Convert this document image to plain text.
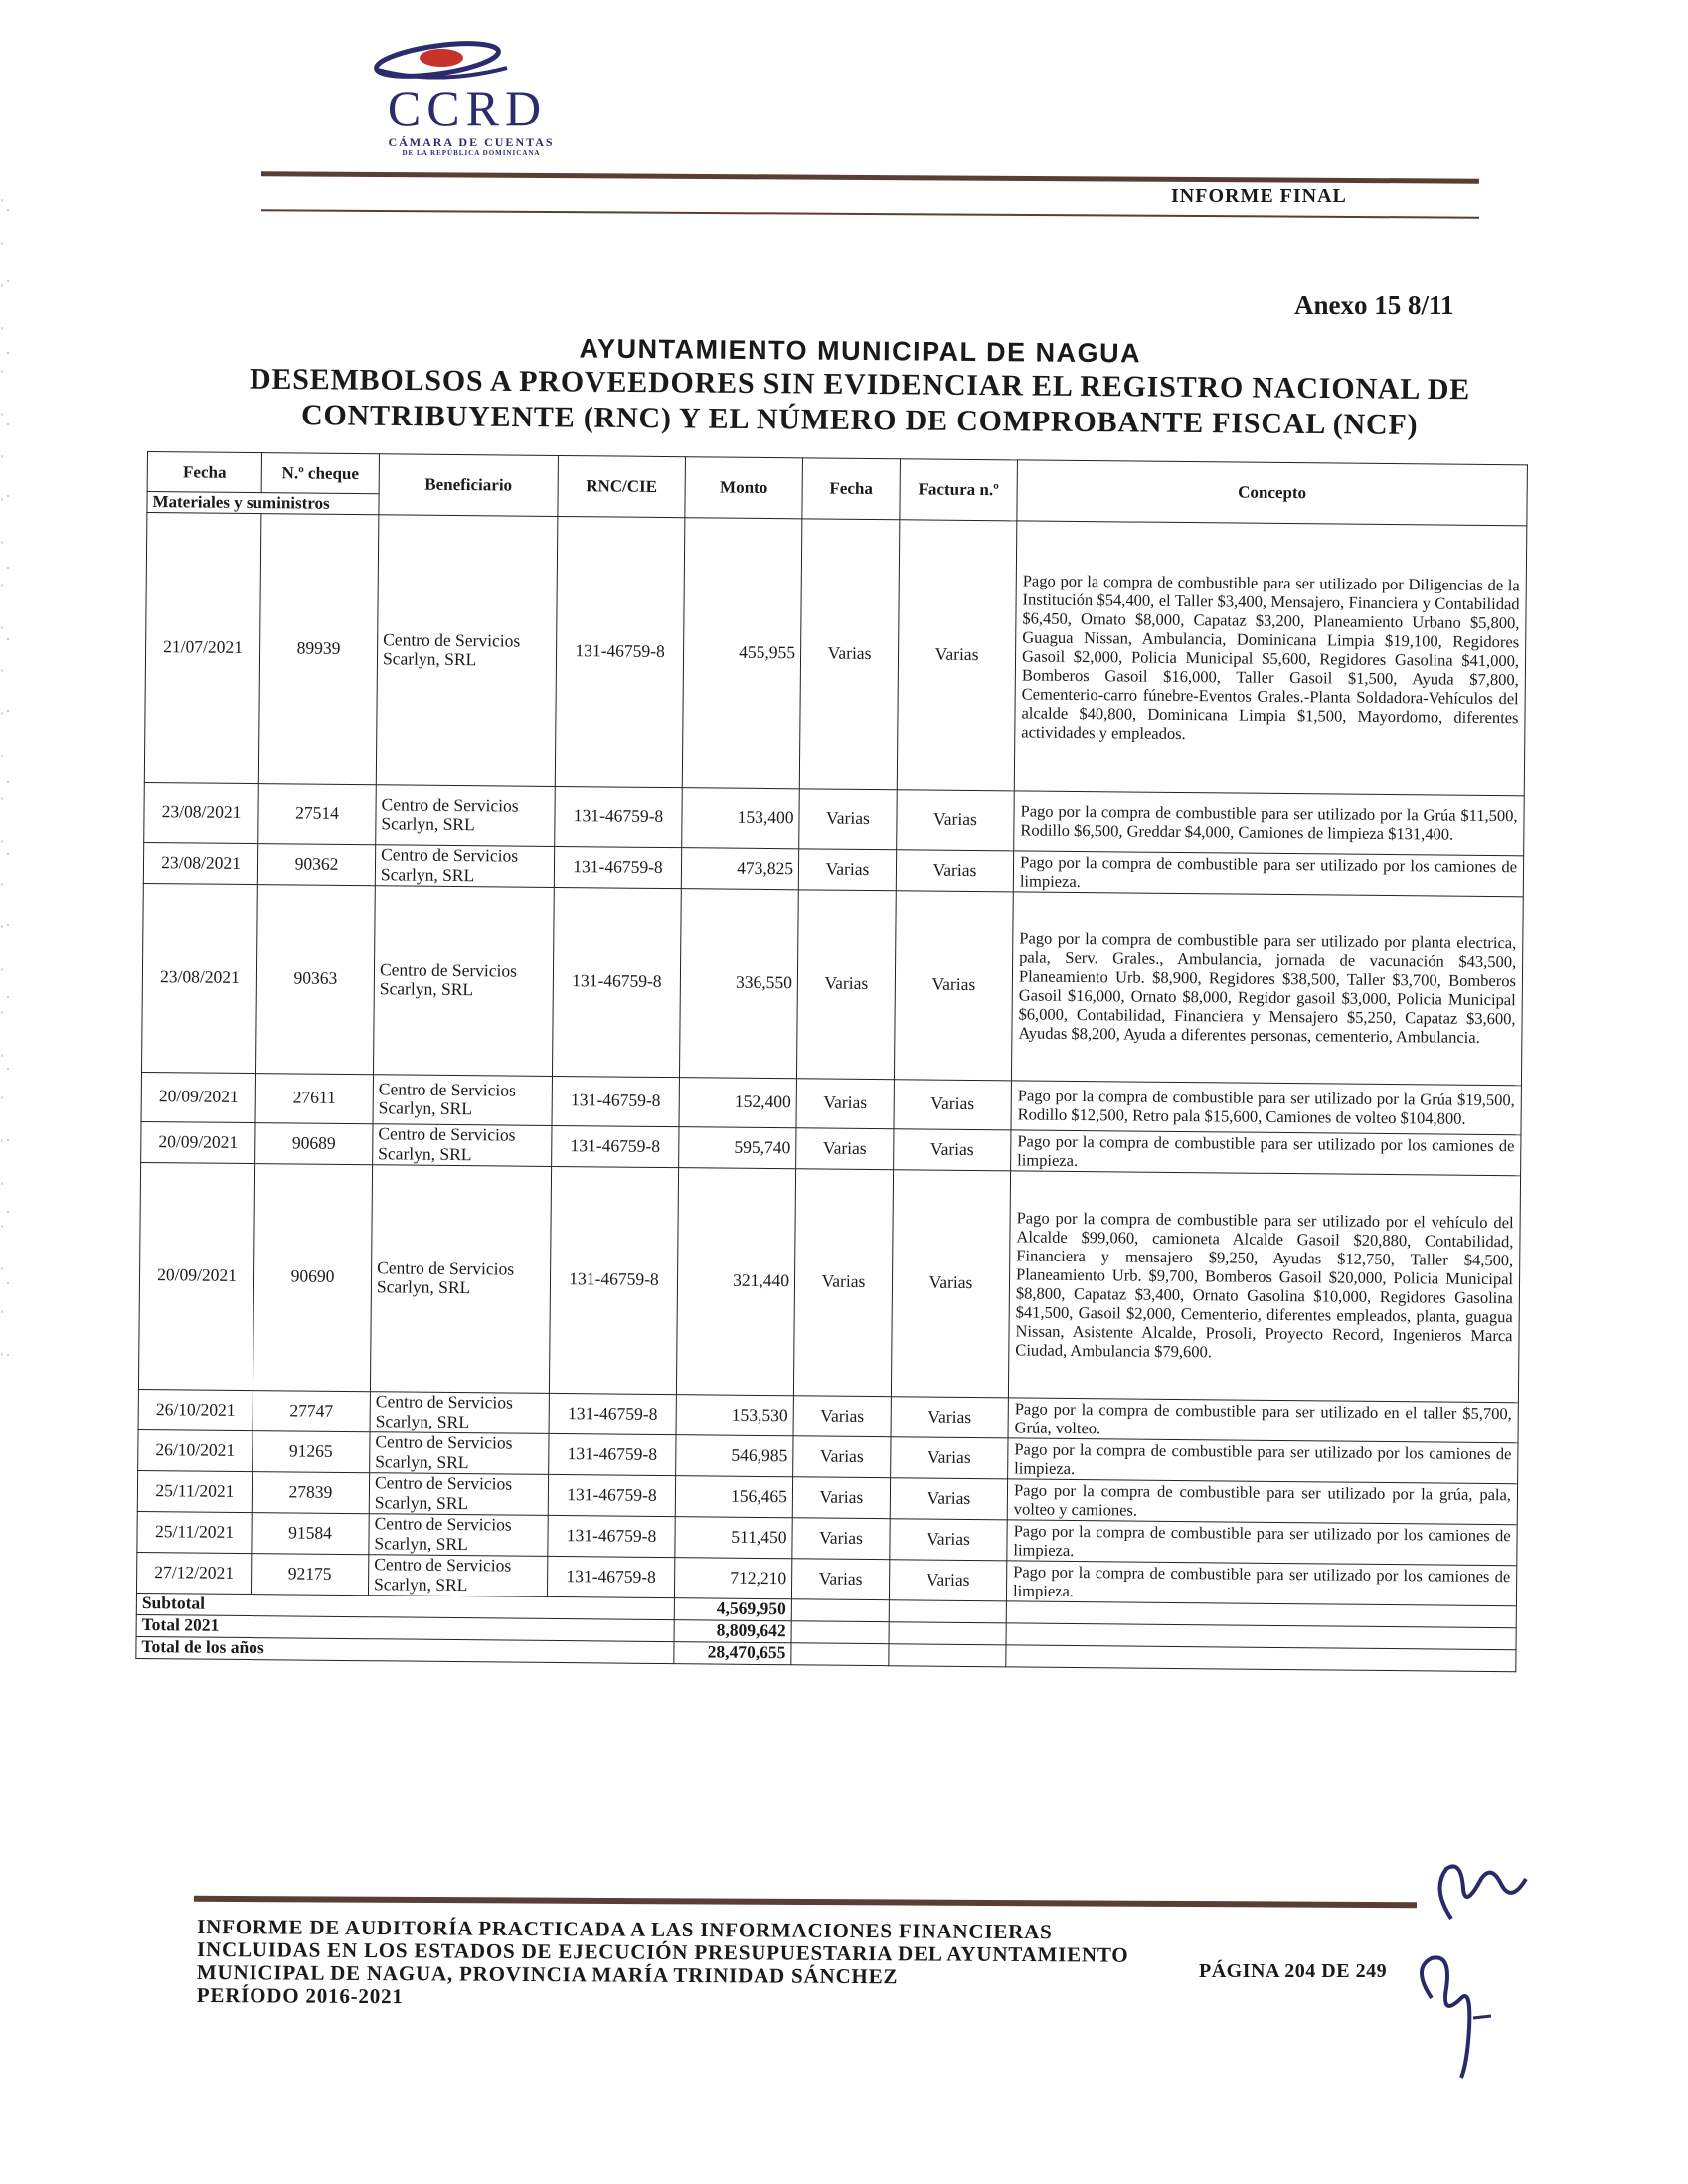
CCRD
CÁMARA DE CUENTAS
DE LA REPÚBLICA DOMINICANA
INFORME FINAL
Anexo 15 8/11
AYUNTAMIENTO MUNICIPAL DE NAGUA
DESEMBOLSOS A PROVEEDORES SIN EVIDENCIAR EL REGISTRO NACIONAL DE
CONTRIBUYENTE (RNC) Y EL NÚMERO DE COMPROBANTE FISCAL (NCF)
Fecha	N.º cheque	Beneficiario	RNC/CIE	Monto	Fecha	Factura n.º	Concepto
Materiales y suministros							
21/07/2021	89939	Centro de Servicios Scarlyn, SRL	131-46759-8	455,955	Varias	Varias	Pago por la compra de combustible para ser utilizado por Diligencias de la Institución $54,400, el Taller $3,400, Mensajero, Financiera y Contabilidad $6,450, Ornato $8,000, Capataz $3,200, Planeamiento Urbano $5,800, Guagua Nissan, Ambulancia, Dominicana Limpia $19,100, Regidores Gasoil $2,000, Policia Municipal $5,600, Regidores Gasolina $41,000, Bomberos Gasoil $16,000, Taller Gasoil $1,500, Ayuda $7,800, Cementerio-carro fúnebre-Eventos Grales.-Planta Soldadora-Vehículos del alcalde $40,800, Dominicana Limpia $1,500, Mayordomo, diferentes actividades y empleados.
23/08/2021	27514	Centro de Servicios Scarlyn, SRL	131-46759-8	153,400	Varias	Varias	Pago por la compra de combustible para ser utilizado por la Grúa $11,500, Rodillo $6,500, Greddar $4,000, Camiones de limpieza $131,400.
23/08/2021	90362	Centro de Servicios Scarlyn, SRL	131-46759-8	473,825	Varias	Varias	Pago por la compra de combustible para ser utilizado por los camiones de limpieza.
23/08/2021	90363	Centro de Servicios Scarlyn, SRL	131-46759-8	336,550	Varias	Varias	Pago por la compra de combustible para ser utilizado por planta electrica, pala, Serv. Grales., Ambulancia, jornada de vacunación $43,500, Planeamiento Urb. $8,900, Regidores $38,500, Taller $3,700, Bomberos Gasoil $16,000, Ornato $8,000, Regidor gasoil $3,000, Policia Municipal $6,000, Contabilidad, Financiera y Mensajero $5,250, Capataz $3,600, Ayudas $8,200, Ayuda a diferentes personas, cementerio, Ambulancia.
20/09/2021	27611	Centro de Servicios Scarlyn, SRL	131-46759-8	152,400	Varias	Varias	Pago por la compra de combustible para ser utilizado por la Grúa $19,500, Rodillo $12,500, Retro pala $15,600, Camiones de volteo $104,800.
20/09/2021	90689	Centro de Servicios Scarlyn, SRL	131-46759-8	595,740	Varias	Varias	Pago por la compra de combustible para ser utilizado por los camiones de limpieza.
20/09/2021	90690	Centro de Servicios Scarlyn, SRL	131-46759-8	321,440	Varias	Varias	Pago por la compra de combustible para ser utilizado por el vehículo del Alcalde $99,060, camioneta Alcalde Gasoil $20,880, Contabilidad, Financiera y mensajero $9,250, Ayudas $12,750, Taller $4,500, Planeamiento Urb. $9,700, Bomberos Gasoil $20,000, Policia Municipal $8,800, Capataz $3,400, Ornato Gasolina $10,000, Regidores Gasolina $41,500, Gasoil $2,000, Cementerio, diferentes empleados, planta, guagua Nissan, Asistente Alcalde, Prosoli, Proyecto Record, Ingenieros Marca Ciudad, Ambulancia $79,600.
26/10/2021	27747	Centro de Servicios Scarlyn, SRL	131-46759-8	153,530	Varias	Varias	Pago por la compra de combustible para ser utilizado en el taller $5,700, Grúa, volteo.
26/10/2021	91265	Centro de Servicios Scarlyn, SRL	131-46759-8	546,985	Varias	Varias	Pago por la compra de combustible para ser utilizado por los camiones de limpieza.
25/11/2021	27839	Centro de Servicios Scarlyn, SRL	131-46759-8	156,465	Varias	Varias	Pago por la compra de combustible para ser utilizado por la grúa, pala, volteo y camiones.
25/11/2021	91584	Centro de Servicios Scarlyn, SRL	131-46759-8	511,450	Varias	Varias	Pago por la compra de combustible para ser utilizado por los camiones de limpieza.
27/12/2021	92175	Centro de Servicios Scarlyn, SRL	131-46759-8	712,210	Varias	Varias	Pago por la compra de combustible para ser utilizado por los camiones de limpieza.
Subtotal				4,569,950			
Total 2021				8,809,642			
Total de los años				28,470,655			
INFORME DE AUDITORÍA PRACTICADA A LAS INFORMACIONES FINANCIERAS
INCLUIDAS EN LOS ESTADOS DE EJECUCIÓN PRESUPUESTARIA DEL AYUNTAMIENTO
MUNICIPAL DE NAGUA, PROVINCIA MARÍA TRINIDAD SÁNCHEZ
PERÍODO 2016-2021
PÁGINA 204 DE 249
